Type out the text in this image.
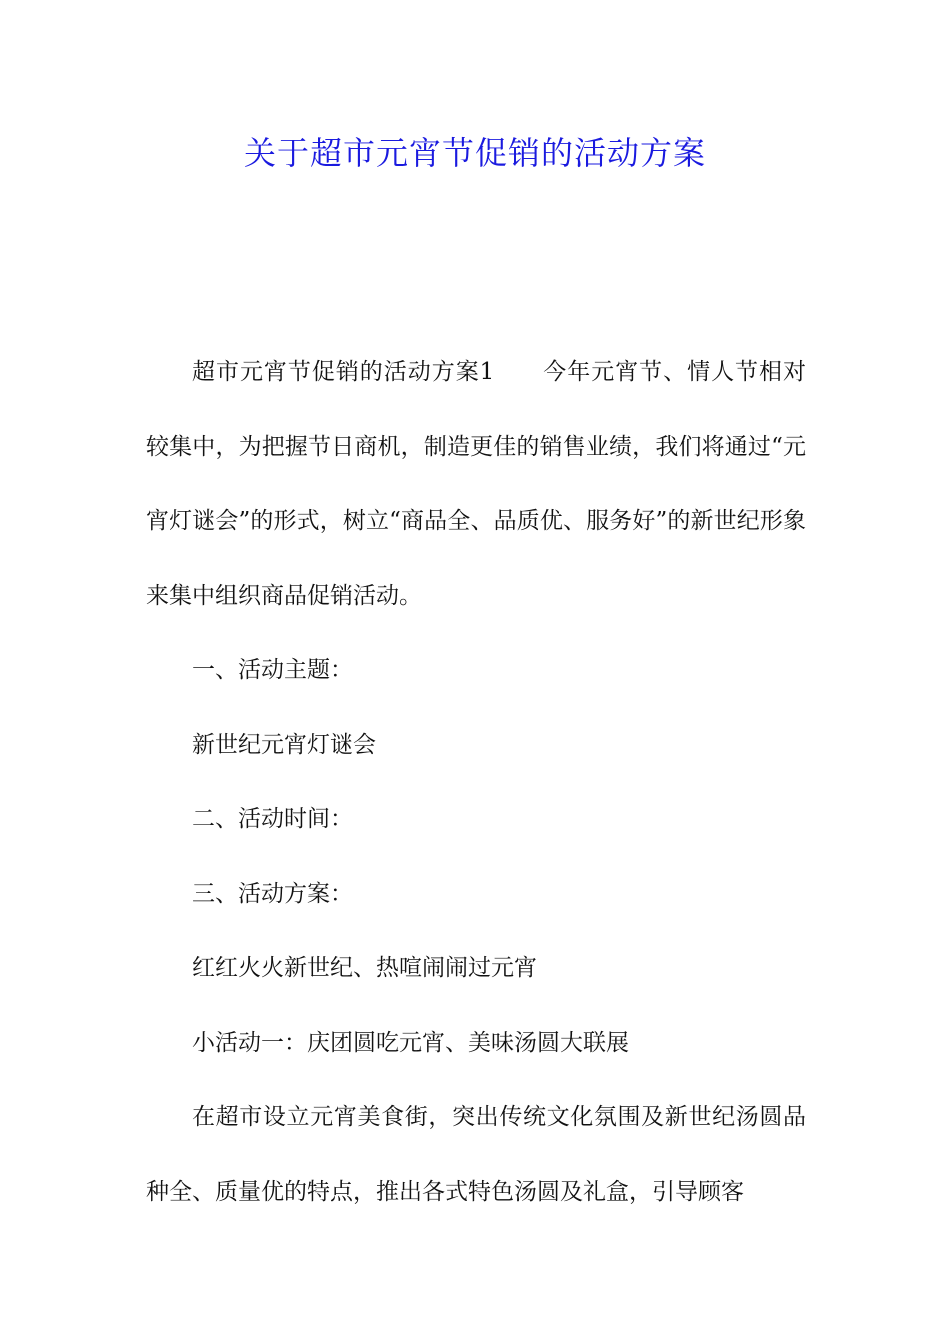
关于超市元宵节促销的活动方案

超市元宵节促销的活动方案1 今年元宵节、情人节相对较集中，为把握节日商机，制造更佳的销售业绩，我们将通过“元宵灯谜会”的形式，树立“商品全、品质优、服务好”的新世纪形象来集中组织商品促销活动。

一、活动主题：

新世纪元宵灯谜会

二、活动时间：

三、活动方案：

红红火火新世纪、热喧闹闹过元宵

小活动一：庆团圆吃元宵、美味汤圆大联展

在超市设立元宵美食街，突出传统文化氛围及新世纪汤圆品种全、质量优的特点，推出各式特色汤圆及礼盒，引导顾客
